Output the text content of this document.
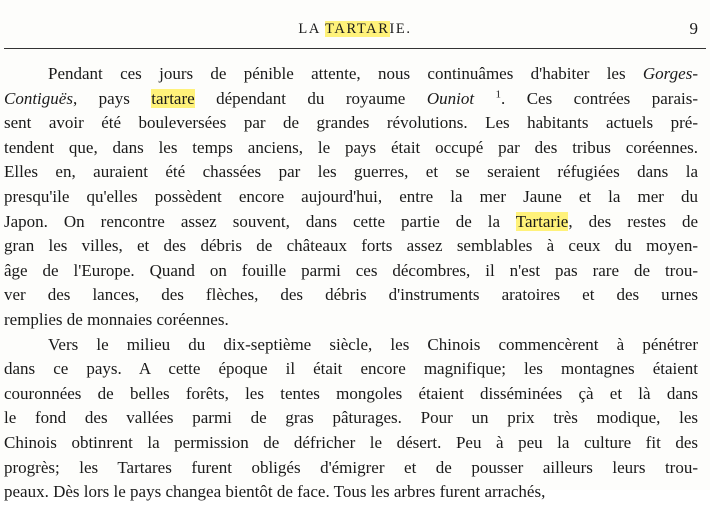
LA TARTARIE.	9
Pendant ces jours de pénible attente, nous continuâmes d'habiter les Gorges-
Contiguës, pays tartare dépendant du royaume Ouniot $^1$. Ces contrées parais-
sent avoir été bouleversées par de grandes révolutions. Les habitants actuels pré-
tendent que, dans les temps anciens, le pays était occupé par des tribus coréennes.
Elles en, auraient été chassées par les guerres, et se seraient réfugiées dans la
presqu'ile qu'elles possèdent encore aujourd'hui, entre la mer Jaune et la mer du
Japon. On rencontre assez souvent, dans cette partie de la Tartarie, des restes de
gran les villes, et des débris de châteaux forts assez semblables à ceux du moyen-
âge de l'Europe. Quand on fouille parmi ces décombres, il n'est pas rare de trou-
ver des lances, des flèches, des débris d'instruments aratoires et des urnes
remplies de monnaies coréennes.
Vers le milieu du dix-septième siècle, les Chinois commencèrent à pénétrer
dans ce pays. A cette époque il était encore magnifique; les montagnes étaient
couronnées de belles forêts, les tentes mongoles étaient disséminées çà et là dans
le fond des vallées parmi de gras pâturages. Pour un prix très modique, les
Chinois obtinrent la permission de défricher le désert. Peu à peu la culture fit des
progrès; les Tartares furent obligés d'émigrer et de pousser ailleurs leurs trou-
peaux. Dès lors le pays changea bientôt de face. Tous les arbres furent arrachés,
